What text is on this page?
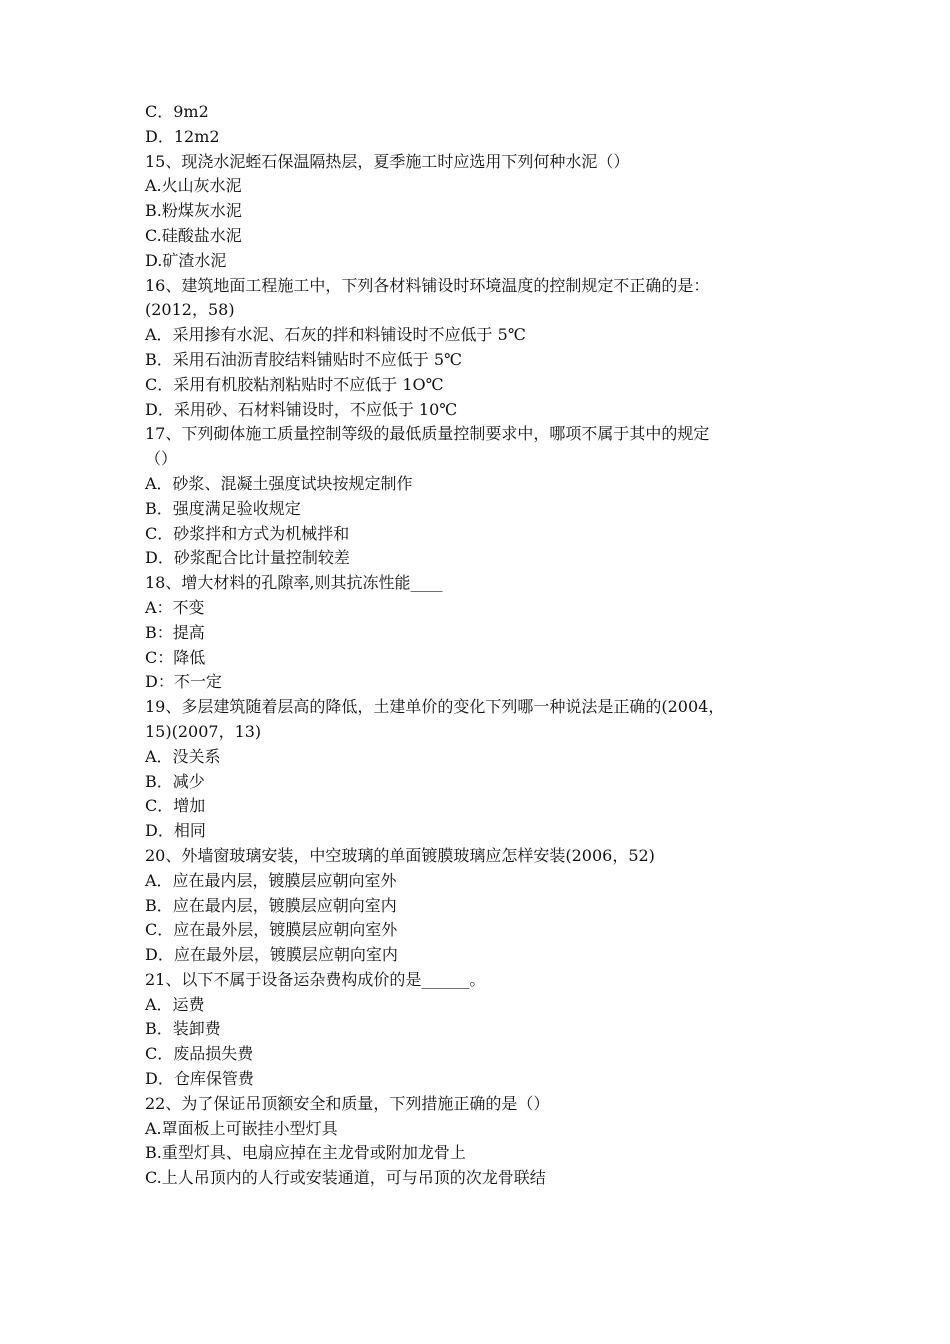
C．9m2
D．12m2
15、现浇水泥蛭石保温隔热层，夏季施工时应选用下列何种水泥（）
A.火山灰水泥
B.粉煤灰水泥
C.硅酸盐水泥
D.矿渣水泥
16、建筑地面工程施工中，下列各材料铺设时环境温度的控制规定不正确的是：
(2012，58)
A．采用掺有水泥、石灰的拌和料铺设时不应低于 5℃
B．采用石油沥青胶结料铺贴时不应低于 5℃
C．采用有机胶粘剂粘贴时不应低于 1O℃
D．采用砂、石材料铺设时，不应低于 10℃
17、下列砌体施工质量控制等级的最低质量控制要求中，哪项不属于其中的规定
（）
A．砂浆、混凝土强度试块按规定制作
B．强度满足验收规定
C．砂浆拌和方式为机械拌和
D．砂浆配合比计量控制较差
18、增大材料的孔隙率,则其抗冻性能____
A：不变
B：提高
C：降低
D：不一定
19、多层建筑随着层高的降低，土建单价的变化下列哪一种说法是正确的(2004，
15)(2007，13)
A．没关系
B．减少
C．增加
D．相同
20、外墙窗玻璃安装，中空玻璃的单面镀膜玻璃应怎样安装(2006，52)
A．应在最内层，镀膜层应朝向室外
B．应在最内层，镀膜层应朝向室内
C．应在最外层，镀膜层应朝向室外
D．应在最外层，镀膜层应朝向室内
21、以下不属于设备运杂费构成价的是______。
A．运费
B．装卸费
C．废品损失费
D．仓库保管费
22、为了保证吊顶额安全和质量，下列措施正确的是（）
A.罩面板上可嵌挂小型灯具
B.重型灯具、电扇应掉在主龙骨或附加龙骨上
C.上人吊顶内的人行或安装通道，可与吊顶的次龙骨联结
